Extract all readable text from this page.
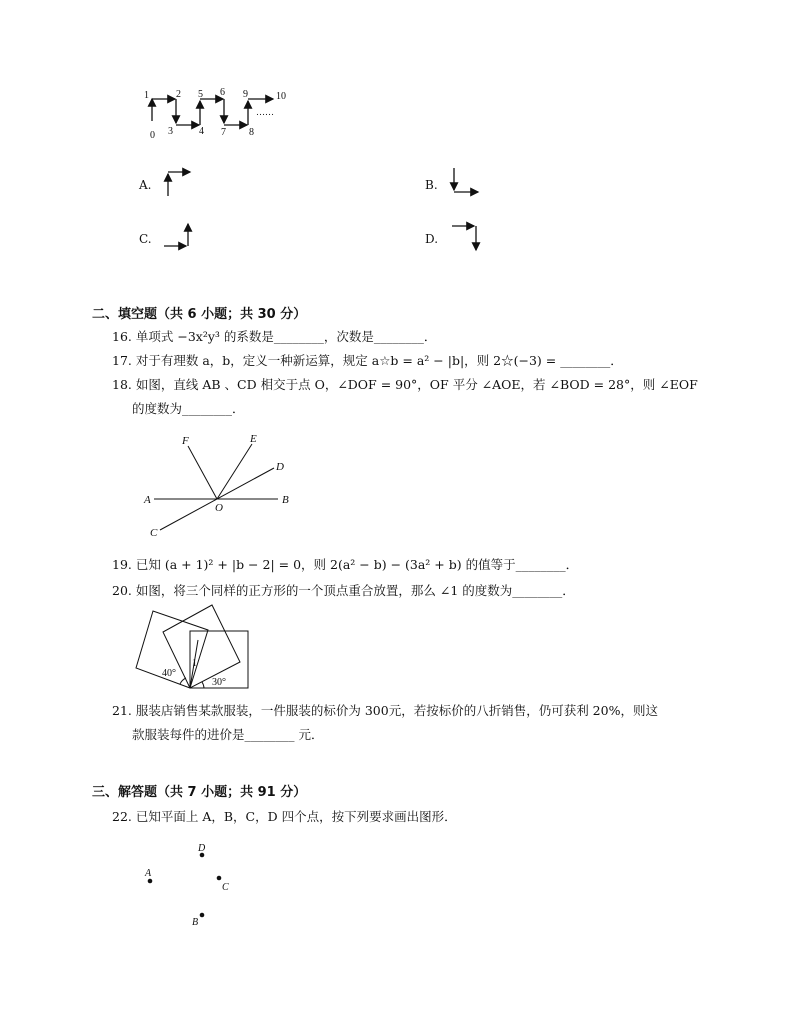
0
1	2
3	4
5 6
7 8
9	10
……
A.	B.
C.	D.
二、填空题（共 6 小题；共 30 分）
16. 单项式 −3x²y³ 的系数是________，次数是________．
17. 对于有理数 a，b，定义一种新运算，规定 a☆b = a² − |b|，则 2☆(−3) = ________．
18. 如图，直线 AB 、CD 相交于点 O，∠DOF = 90°，OF 平分 ∠AOE，若 ∠BOD = 28°，则 ∠EOF
的度数为________．
F	E
D
A
O
B
C
19. 已知 (a + 1)² + |b − 2| = 0，则 2(a² − b) − (3a² + b) 的值等于________．
20. 如图，将三个同样的正方形的一个顶点重合放置，那么 ∠1 的度数为________．
1
40°
30°
21. 服装店销售某款服装，一件服装的标价为 300元，若按标价的八折销售，仍可获利 20%，则这
款服装每件的进价是________ 元．
三、解答题（共 7 小题；共 91 分）
22. 已知平面上 A，B，C，D 四个点，按下列要求画出图形．
A
B
C
D
